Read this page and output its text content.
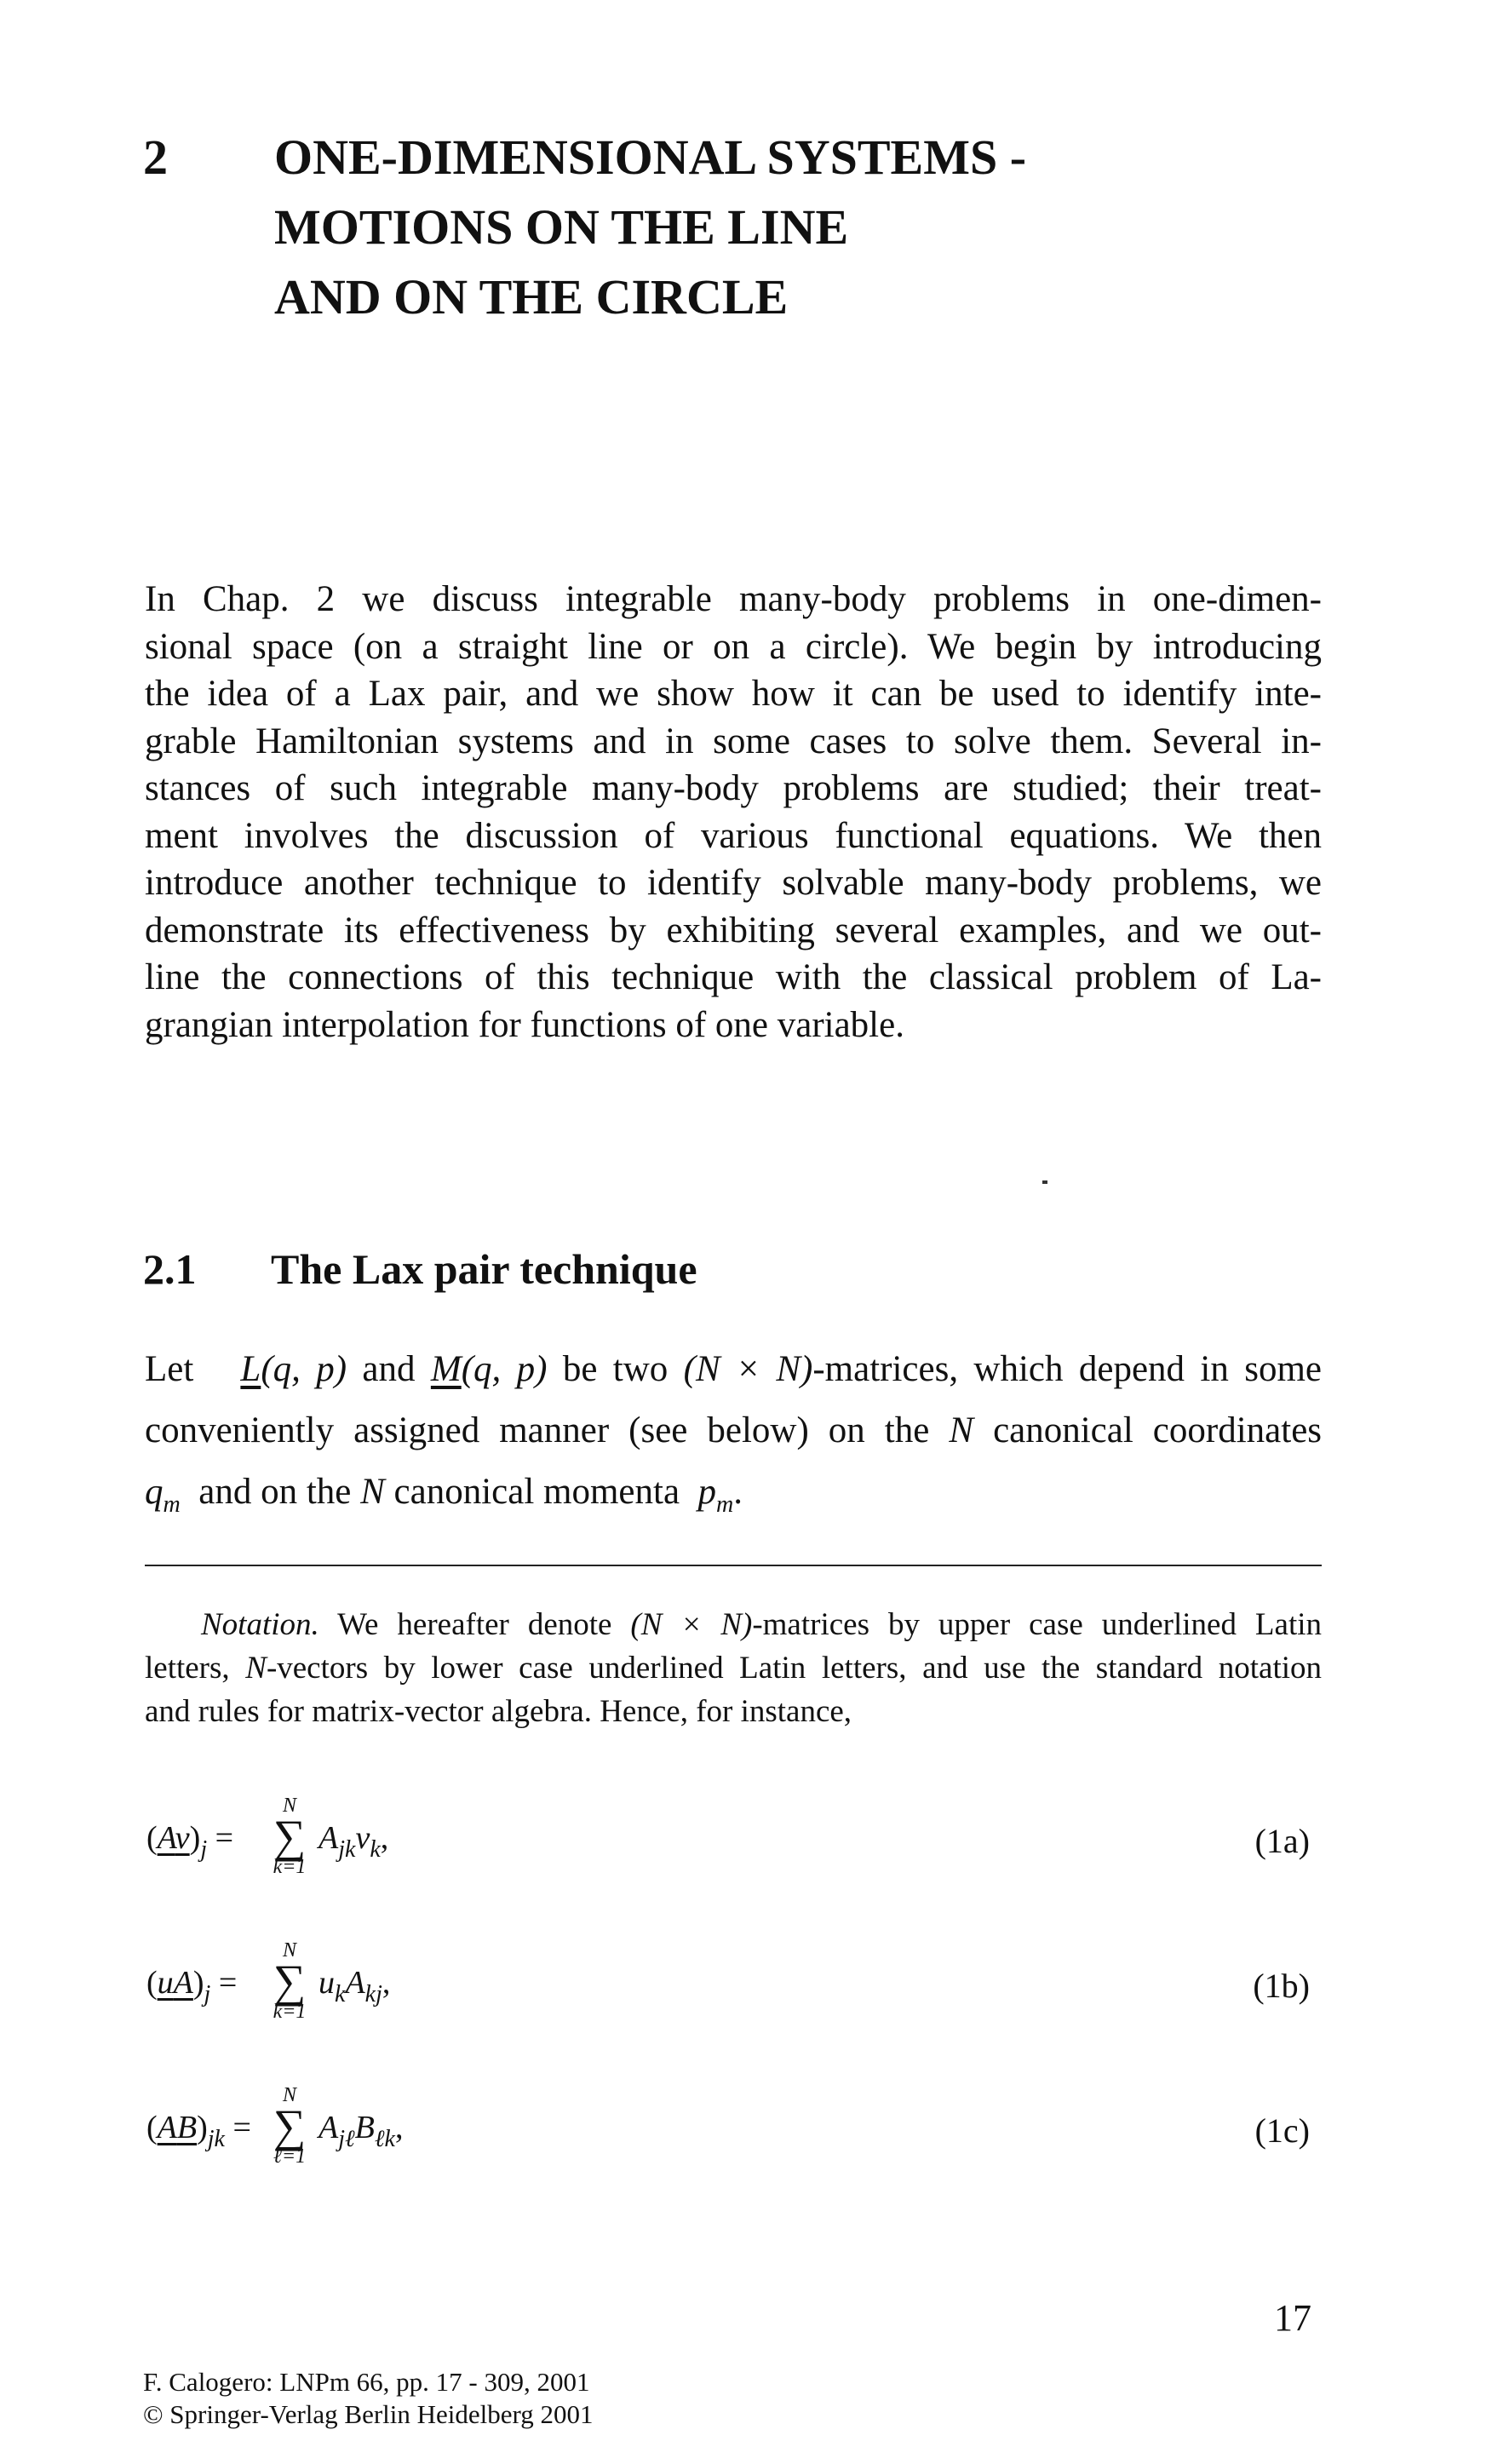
2 ONE-DIMENSIONAL SYSTEMS -
MOTIONS ON THE LINE
AND ON THE CIRCLE
In Chap. 2 we discuss integrable many-body problems in one-dimen-
sional space (on a straight line or on a circle). We begin by introducing
the idea of a Lax pair, and we show how it can be used to identify inte-
grable Hamiltonian systems and in some cases to solve them. Several in-
stances of such integrable many-body problems are studied; their treat-
ment involves the discussion of various functional equations. We then
introduce another technique to identify solvable many-body problems, we
demonstrate its effectiveness by exhibiting several examples, and we out-
line the connections of this technique with the classical problem of La-
grangian interpolation for functions of one variable.
2.1 The Lax pair technique
Let L(q, p) and M(q, p) be two (N × N)-matrices, which depend in some
conveniently assigned manner (see below) on the N canonical coordinates
$q_m$ and on the N canonical momenta $p_m$.
Notation. We hereafter denote (N × N)-matrices by upper case underlined Latin
letters, N-vectors by lower case underlined Latin letters, and use the standard notation
and rules for matrix-vector algebra. Hence, for instance,
$(Av)_j$ =
N
∑
k=1
$A_{jk}v_k$,	(1a)
$(uA)_j$ =
N
∑
k=1
$u_kA_{kj}$,	(1b)
$(AB)_{jk}$ =
N
∑
ℓ=1
$A_{j\ell}B_{\ell k}$,	(1c)
17
F. Calogero: LNPm 66, pp. 17 - 309, 2001
© Springer-Verlag Berlin Heidelberg 2001
